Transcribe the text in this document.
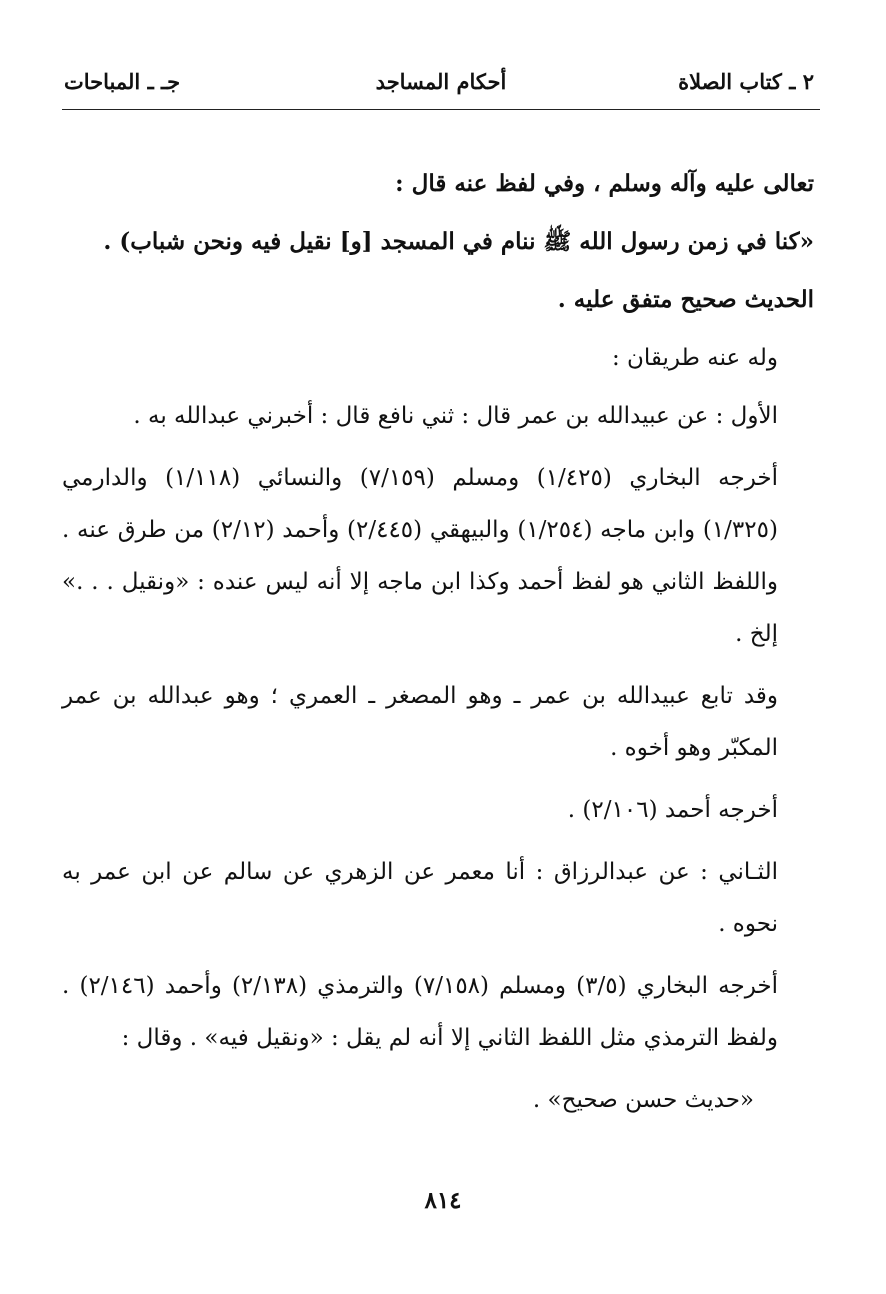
٢ ـ كتاب الصلاة
أحكام المساجد
جـ ـ المباحات

تعالى عليه وآله وسلم ، وفي لفظ عنه قال :

«كنا في زمن رسول الله ﷺ ننام في المسجد [و] نقيل فيه ونحن شباب) .

الحديث صحيح متفق عليه .

وله عنه طريقان :

الأول : عن عبيدالله بن عمر قال : ثني نافع قال : أخبرني عبدالله به .

أخرجه البخاري (١/٤٢٥) ومسلم (٧/١٥٩) والنسائي (١/١١٨) والدارمي (١/٣٢٥) وابن ماجه (١/٢٥٤) والبيهقي (٢/٤٤٥) وأحمد (٢/١٢) من طرق عنه . واللفظ الثاني هو لفظ أحمد وكذا ابن ماجه إلا أنه ليس عنده : «ونقيل . . .» إلخ .

وقد تابع عبيدالله بن عمر ـ وهو المصغر ـ العمري ؛ وهو عبدالله بن عمر المكبّر وهو أخوه .

أخرجه أحمد (٢/١٠٦) .

الثـاني : عن عبدالرزاق : أنا معمر عن الزهري عن سالم عن ابن عمر به نحوه .

أخرجه البخاري (٣/٥) ومسلم (٧/١٥٨) والترمذي (٢/١٣٨) وأحمد (٢/١٤٦) . ولفظ الترمذي مثل اللفظ الثاني إلا أنه لم يقل : «ونقيل فيه» . وقال :

«حديث حسن صحيح» .

٨١٤
